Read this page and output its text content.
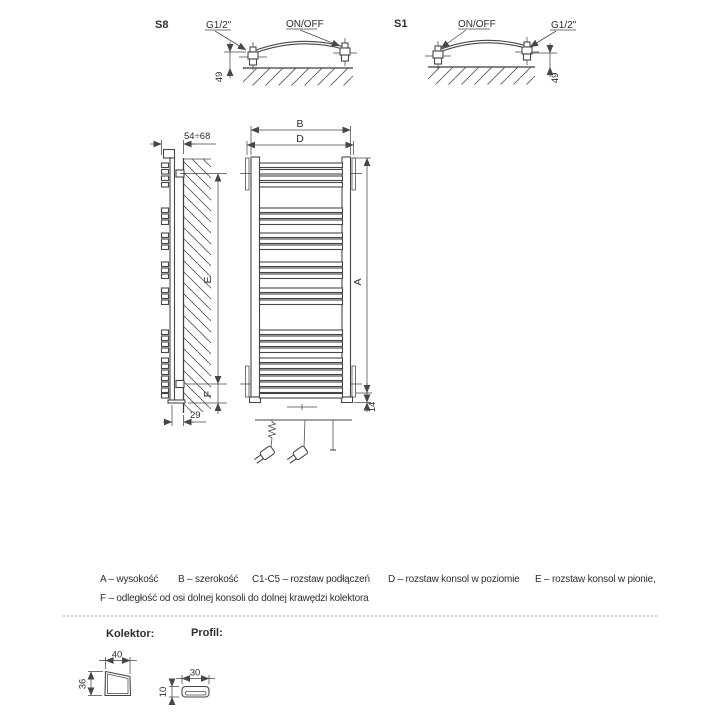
S8	G1/2"	ON/OFF
49
S1	ON/OFF	G1/2"
49
54÷68
E
F
29
B
D
A
14
A – wysokość B – szerokość C1-C5 – rozstaw podłączeń D – rozstaw konsol w poziomie E – rozstaw konsol w pionie,
F – odległość od osi dolnej konsoli do dolnej krawędzi kolektora
Kolektor:
40
36
Profil:
30
10
